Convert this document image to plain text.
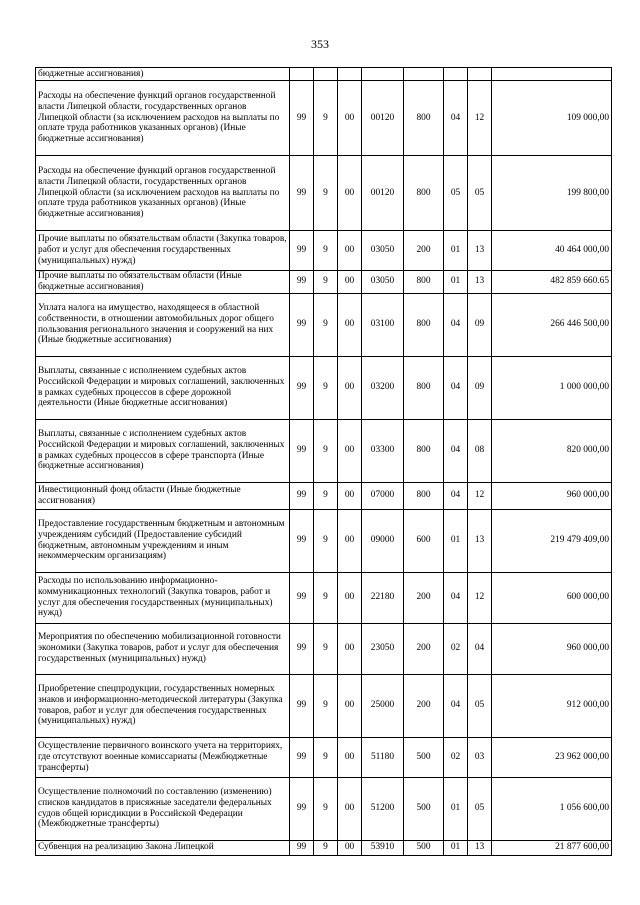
353
бюджетные ассигнования)								
Расходы на обеспечение функций органов государственной власти Липецкой области, государственных органов Липецкой области (за исключением расходов на выплаты по оплате труда работников указанных органов) (Иные бюджетные ассигнования)	99	9	00	00120	800	04	12	109 000,00
Расходы на обеспечение функций органов государственной власти Липецкой области, государственных органов Липецкой области (за исключением расходов на выплаты по оплате труда работников указанных органов) (Иные бюджетные ассигнования)	99	9	00	00120	800	05	05	199 800,00
Прочие выплаты по обязательствам области (Закупка товаров, работ и услуг для обеспечения государственных (муниципальных) нужд)	99	9	00	03050	200	01	13	40 464 000,00
Прочие выплаты по обязательствам области (Иные бюджетные ассигнования)	99	9	00	03050	800	01	13	482 859 660.65
Уплата налога на имущество, находящееся в областной собственности, в отношении автомобильных дорог общего пользования регионального значения и сооружений на них (Иные бюджетные ассигнования)	99	9	00	03100	800	04	09	266 446 500,00
Выплаты, связанные с исполнением судебных актов Российской Федерации и мировых соглашений, заключенных в рамках судебных процессов в сфере дорожной деятельности (Иные бюджетные ассигнования)	99	9	00	03200	800	04	09	1 000 000,00
Выплаты, связанные с исполнением судебных актов Российской Федерации и мировых соглашений, заключенных в рамках судебных процессов в сфере транспорта (Иные бюджетные ассигнования)	99	9	00	03300	800	04	08	820 000,00
Инвестиционный фонд области (Иные бюджетные ассигнования)	99	9	00	07000	800	04	12	960 000,00
Предоставление государственным бюджетным и автономным учреждениям субсидий (Предоставление субсидий бюджетным, автономным учреждениям и иным некоммерческим организациям)	99	9	00	09000	600	01	13	219 479 409,00
Расходы по использованию информационно-коммуникационных технологий (Закупка товаров, работ и услуг для обеспечения государственных (муниципальных) нужд)	99	9	00	22180	200	04	12	600 000,00
Мероприятия по обеспечению мобилизационной готовности экономики (Закупка товаров, работ и услуг для обеспечения государственных (муниципальных) нужд)	99	9	00	23050	200	02	04	960 000,00
Приобретение спецпродукции, государственных номерных знаков и информационно-методической литературы (Закупка товаров, работ и услуг для обеспечения государственных (муниципальных) нужд)	99	9	00	25000	200	04	05	912 000,00
Осуществление первичного воинского учета на территориях, где отсутствуют военные комиссариаты (Межбюджетные трансферты)	99	9	00	51180	500	02	03	23 962 000,00
Осуществление полномочий по составлению (изменению) списков кандидатов в присяжные заседатели федеральных судов общей юрисдикции в Российской Федерации (Межбюджетные трансферты)	99	9	00	51200	500	01	05	1 056 600,00
Субвенция на реализацию Закона Липецкой	99	9	00	53910	500	01	13	21 877 600,00
